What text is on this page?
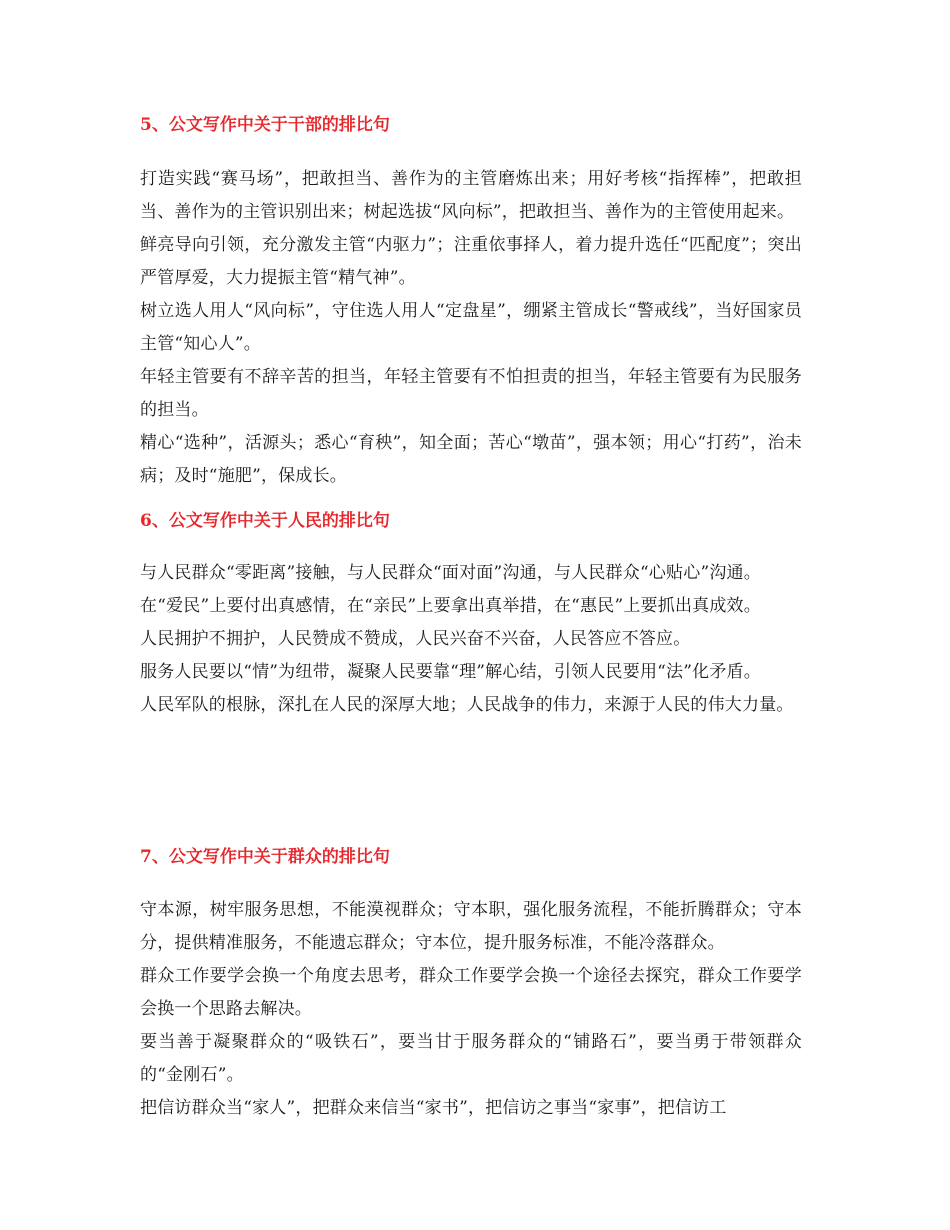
5、公文写作中关于干部的排比句

打造实践“赛马场”，把敢担当、善作为的主管磨炼出来；用好考核“指挥棒”，把敢担当、善作为的主管识别出来；树起选拔“风向标”，把敢担当、善作为的主管使用起来。

鲜亮导向引领，充分激发主管“内驱力”；注重依事择人，着力提升选任“匹配度”；突出严管厚爱，大力提振主管“精气神”。

树立选人用人“风向标”，守住选人用人“定盘星”，绷紧主管成长“警戒线”，当好国家员主管“知心人”。

年轻主管要有不辞辛苦的担当，年轻主管要有不怕担责的担当，年轻主管要有为民服务的担当。

精心“选种”，活源头；悉心“育秧”，知全面；苦心“墩苗”，强本领；用心“打药”，治未病；及时“施肥”，保成长。

6、公文写作中关于人民的排比句

与人民群众“零距离”接触，与人民群众“面对面”沟通，与人民群众“心贴心”沟通。

在“爱民”上要付出真感情，在“亲民”上要拿出真举措，在“惠民”上要抓出真成效。

人民拥护不拥护，人民赞成不赞成，人民兴奋不兴奋，人民答应不答应。

服务人民要以“情”为纽带，凝聚人民要靠“理”解心结，引领人民要用“法”化矛盾。

人民军队的根脉，深扎在人民的深厚大地；人民战争的伟力，来源于人民的伟大力量。

7、公文写作中关于群众的排比句

守本源，树牢服务思想，不能漠视群众；守本职，强化服务流程，不能折腾群众；守本分，提供精准服务，不能遗忘群众；守本位，提升服务标准，不能冷落群众。

群众工作要学会换一个角度去思考，群众工作要学会换一个途径去探究，群众工作要学会换一个思路去解决。

要当善于凝聚群众的“吸铁石”，要当甘于服务群众的“铺路石”，要当勇于带领群众的“金刚石”。

把信访群众当“家人”，把群众来信当“家书”，把信访之事当“家事”，把信访工
